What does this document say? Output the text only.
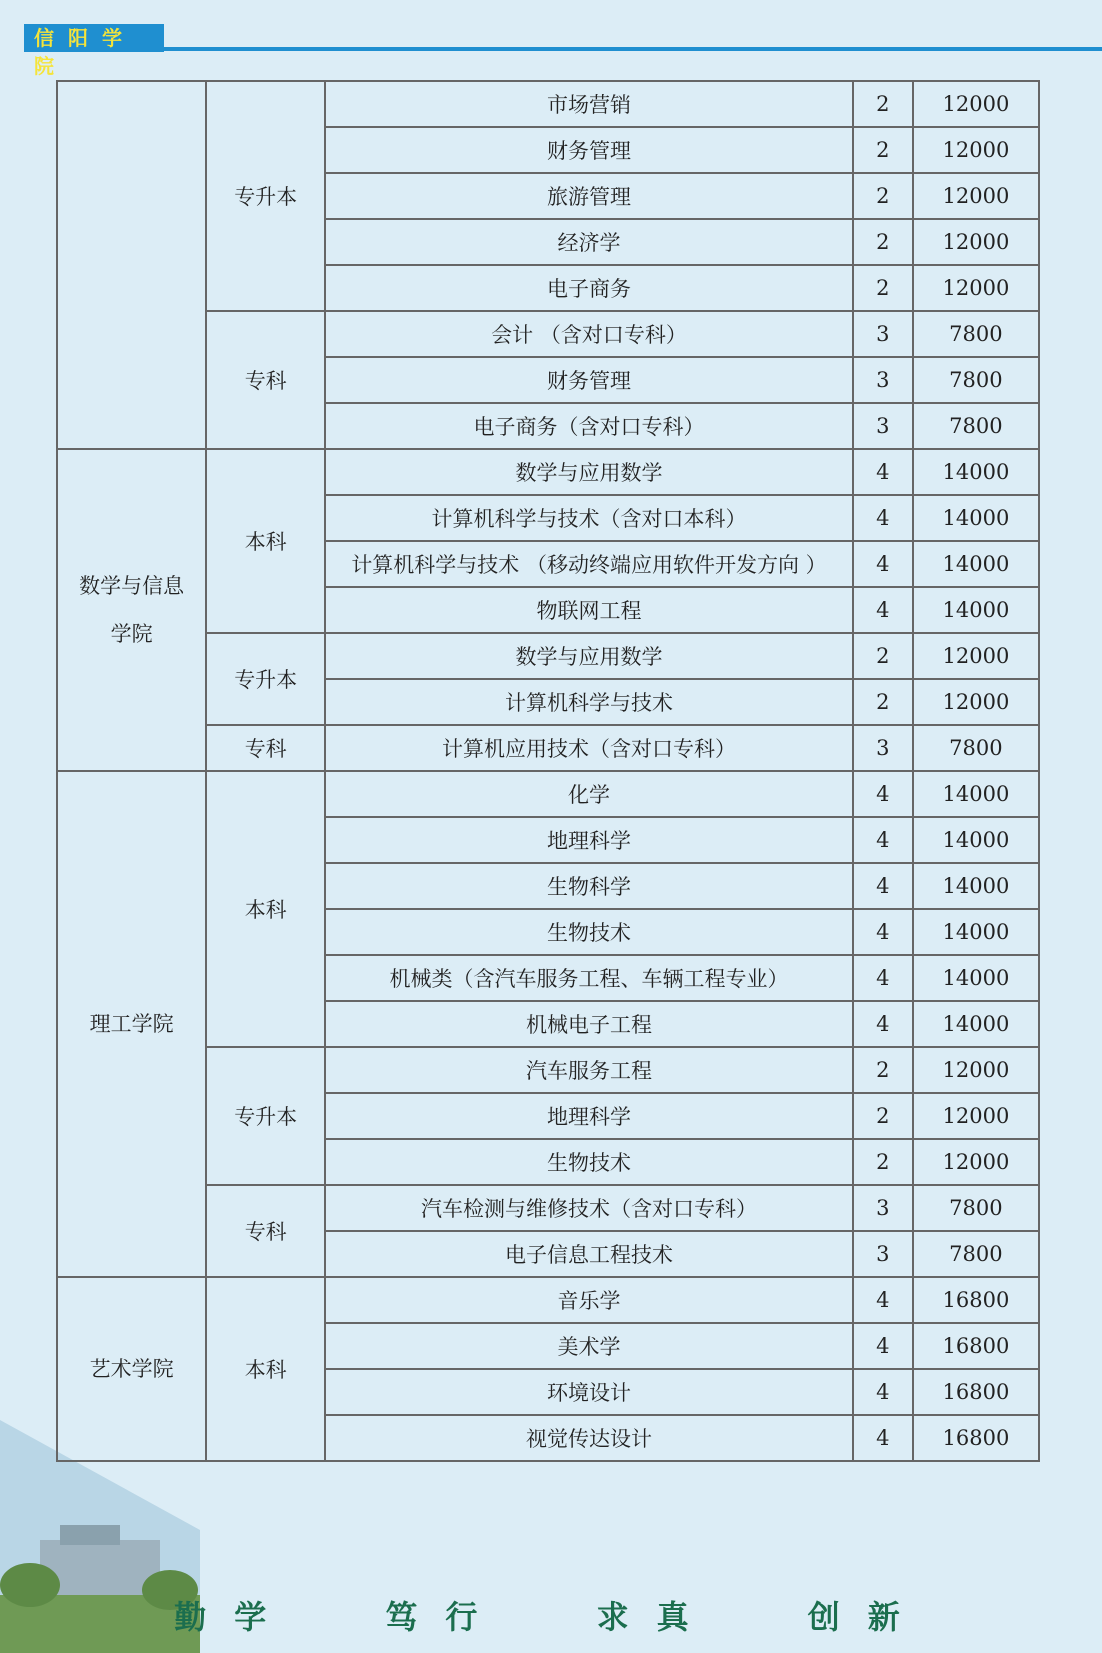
信阳学院
	专升本	市场营销	2	12000
		财务管理	2	12000
		旅游管理	2	12000
		经济学	2	12000
		电子商务	2	12000
	专科	会计 （含对口专科）	3	7800
		财务管理	3	7800
		电子商务（含对口专科）	3	7800
数学与信息学院	本科	数学与应用数学	4	14000
		计算机科学与技术（含对口本科）	4	14000
		计算机科学与技术 （移动终端应用软件开发方向 ）	4	14000
		物联网工程	4	14000
	专升本	数学与应用数学	2	12000
		计算机科学与技术	2	12000
	专科	计算机应用技术（含对口专科）	3	7800
理工学院	本科	化学	4	14000
		地理科学	4	14000
		生物科学	4	14000
		生物技术	4	14000
		机械类（含汽车服务工程、车辆工程专业）	4	14000
		机械电子工程	4	14000
	专升本	汽车服务工程	2	12000
		地理科学	2	12000
		生物技术	2	12000
	专科	汽车检测与维修技术（含对口专科）	3	7800
		电子信息工程技术	3	7800
艺术学院	本科	音乐学	4	16800
		美术学	4	16800
		环境设计	4	16800
		视觉传达设计	4	16800
勤学	笃行	求真	创新
